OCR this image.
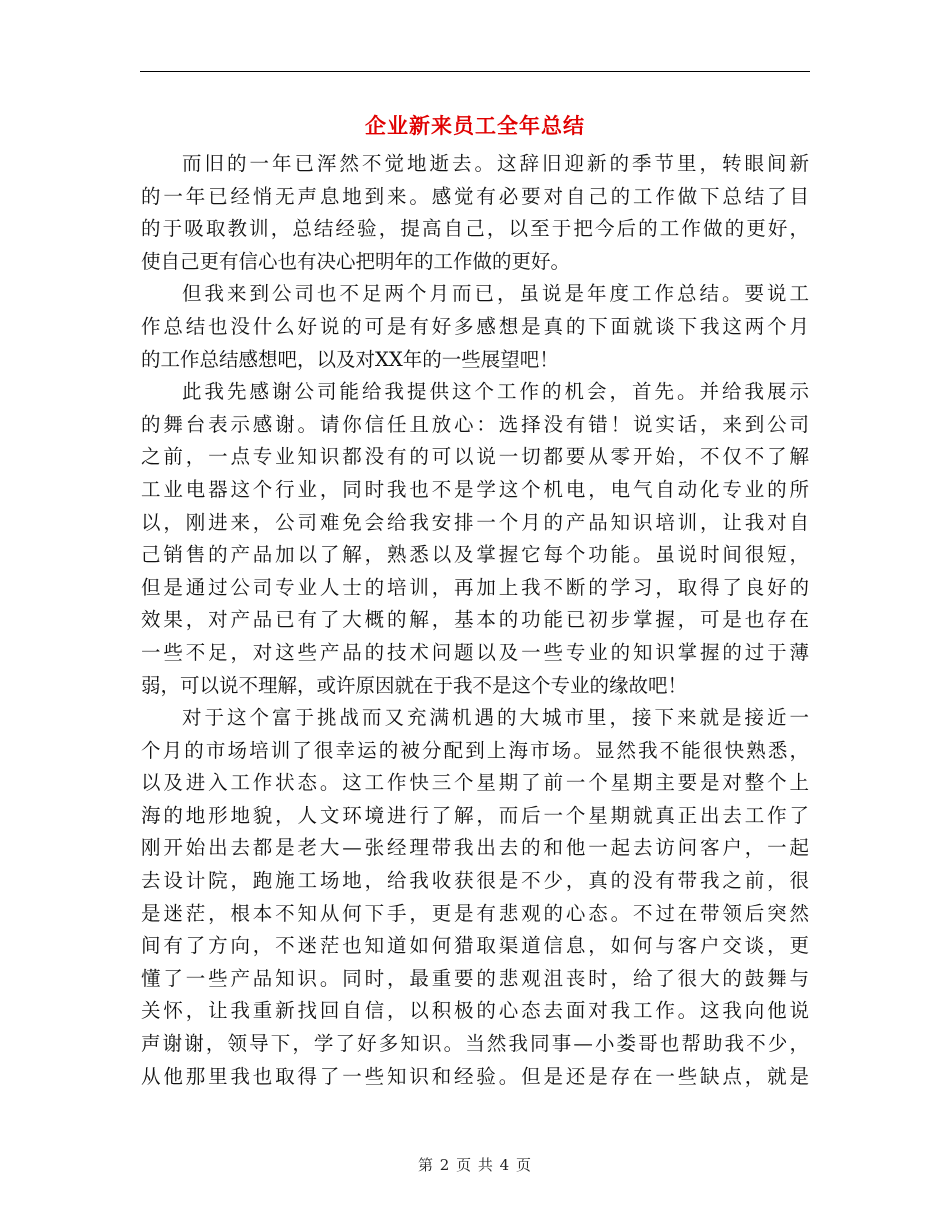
企业新来员工全年总结
而旧的一年已浑然不觉地逝去。这辞旧迎新的季节里，转眼间新
的一年已经悄无声息地到来。感觉有必要对自己的工作做下总结了目
的于吸取教训，总结经验，提高自己，以至于把今后的工作做的更好，
使自己更有信心也有决心把明年的工作做的更好。
但我来到公司也不足两个月而已，虽说是年度工作总结。要说工
作总结也没什么好说的可是有好多感想是真的下面就谈下我这两个月
的工作总结感想吧，以及对XX年的一些展望吧！
此我先感谢公司能给我提供这个工作的机会，首先。并给我展示
的舞台表示感谢。请你信任且放心：选择没有错！说实话，来到公司
之前，一点专业知识都没有的可以说一切都要从零开始，不仅不了解
工业电器这个行业，同时我也不是学这个机电，电气自动化专业的所
以，刚进来，公司难免会给我安排一个月的产品知识培训，让我对自
己销售的产品加以了解，熟悉以及掌握它每个功能。虽说时间很短，
但是通过公司专业人士的培训，再加上我不断的学习，取得了良好的
效果，对产品已有了大概的解，基本的功能已初步掌握，可是也存在
一些不足，对这些产品的技术问题以及一些专业的知识掌握的过于薄
弱，可以说不理解，或许原因就在于我不是这个专业的缘故吧！
对于这个富于挑战而又充满机遇的大城市里，接下来就是接近一
个月的市场培训了很幸运的被分配到上海市场。显然我不能很快熟悉，
以及进入工作状态。这工作快三个星期了前一个星期主要是对整个上
海的地形地貌，人文环境进行了解，而后一个星期就真正出去工作了
刚开始出去都是老大—张经理带我出去的和他一起去访问客户，一起
去设计院，跑施工场地，给我收获很是不少，真的没有带我之前，很
是迷茫，根本不知从何下手，更是有悲观的心态。不过在带领后突然
间有了方向，不迷茫也知道如何猎取渠道信息，如何与客户交谈，更
懂了一些产品知识。同时，最重要的悲观沮丧时，给了很大的鼓舞与
关怀，让我重新找回自信，以积极的心态去面对我工作。这我向他说
声谢谢，领导下，学了好多知识。当然我同事—小娄哥也帮助我不少，
从他那里我也取得了一些知识和经验。但是还是存在一些缺点，就是
第 2 页 共 4 页
